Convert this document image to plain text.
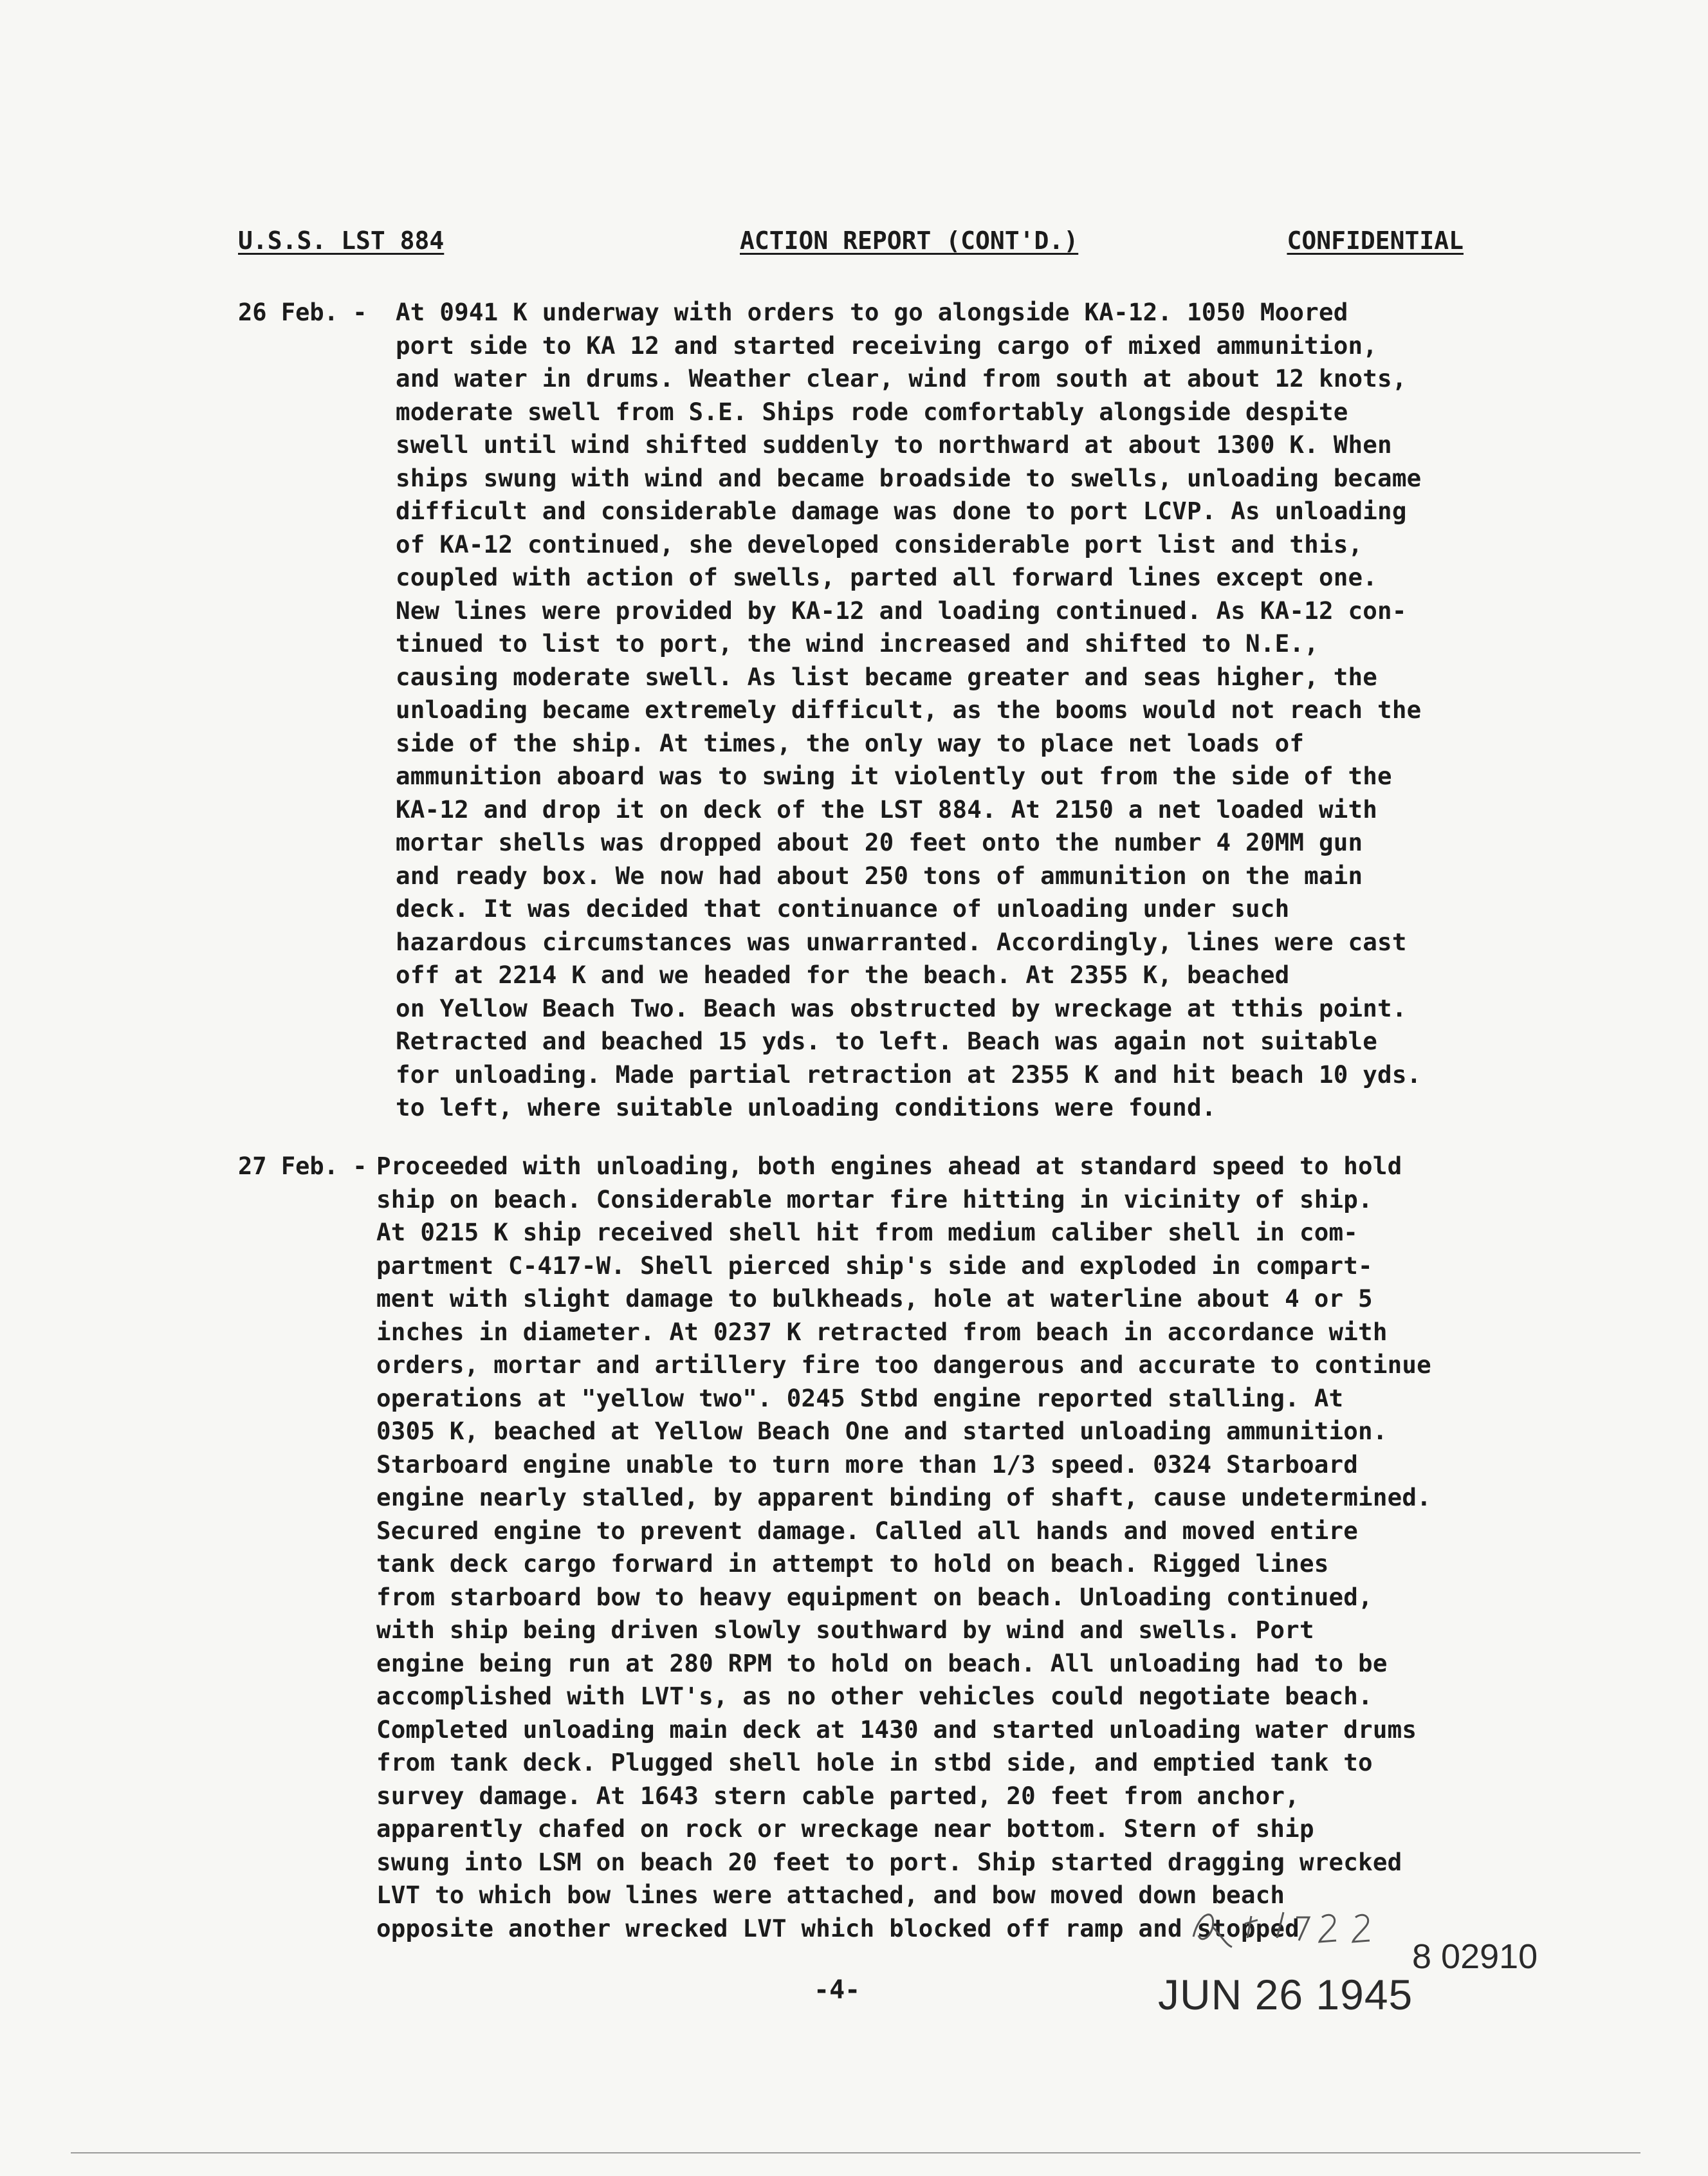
U.S.S. LST 884	ACTION REPORT (CONT'D.)	CONFIDENTIAL
26 Feb. - At 0941 K underway with orders to go alongside KA-12. 1050 Moored
port side to KA 12 and started receiving cargo of mixed ammunition,
and water in drums. Weather clear, wind from south at about 12 knots,
moderate swell from S.E. Ships rode comfortably alongside despite
swell until wind shifted suddenly to northward at about 1300 K. When
ships swung with wind and became broadside to swells, unloading became
difficult and considerable damage was done to port LCVP. As unloading
of KA-12 continued, she developed considerable port list and this,
coupled with action of swells, parted all forward lines except one.
New lines were provided by KA-12 and loading continued. As KA-12 con-
tinued to list to port, the wind increased and shifted to N.E.,
causing moderate swell. As list became greater and seas higher, the
unloading became extremely difficult, as the booms would not reach the
side of the ship. At times, the only way to place net loads of
ammunition aboard was to swing it violently out from the side of the
KA-12 and drop it on deck of the LST 884. At 2150 a net loaded with
mortar shells was dropped about 20 feet onto the number 4 20MM gun
and ready box. We now had about 250 tons of ammunition on the main
deck. It was decided that continuance of unloading under such
hazardous circumstances was unwarranted. Accordingly, lines were cast
off at 2214 K and we headed for the beach. At 2355 K, beached
on Yellow Beach Two. Beach was obstructed by wreckage at tthis point.
Retracted and beached 15 yds. to left. Beach was again not suitable
for unloading. Made partial retraction at 2355 K and hit beach 10 yds.
to left, where suitable unloading conditions were found.
27 Feb. - Proceeded with unloading, both engines ahead at standard speed to hold
ship on beach. Considerable mortar fire hitting in vicinity of ship.
At 0215 K ship received shell hit from medium caliber shell in com-
partment C-417-W. Shell pierced ship's side and exploded in compart-
ment with slight damage to bulkheads, hole at waterline about 4 or 5
inches in diameter. At 0237 K retracted from beach in accordance with
orders, mortar and artillery fire too dangerous and accurate to continue
operations at "yellow two". 0245 Stbd engine reported stalling. At
0305 K, beached at Yellow Beach One and started unloading ammunition.
Starboard engine unable to turn more than 1/3 speed. 0324 Starboard
engine nearly stalled, by apparent binding of shaft, cause undetermined.
Secured engine to prevent damage. Called all hands and moved entire
tank deck cargo forward in attempt to hold on beach. Rigged lines
from starboard bow to heavy equipment on beach. Unloading continued,
with ship being driven slowly southward by wind and swells. Port
engine being run at 280 RPM to hold on beach. All unloading had to be
accomplished with LVT's, as no other vehicles could negotiate beach.
Completed unloading main deck at 1430 and started unloading water drums
from tank deck. Plugged shell hole in stbd side, and emptied tank to
survey damage. At 1643 stern cable parted, 20 feet from anchor,
apparently chafed on rock or wreckage near bottom. Stern of ship
swung into LSM on beach 20 feet to port. Ship started dragging wrecked
LVT to which bow lines were attached, and bow moved down beach
opposite another wrecked LVT which blocked off ramp and stopped
-4-	JUN 26 1945
8 02910
